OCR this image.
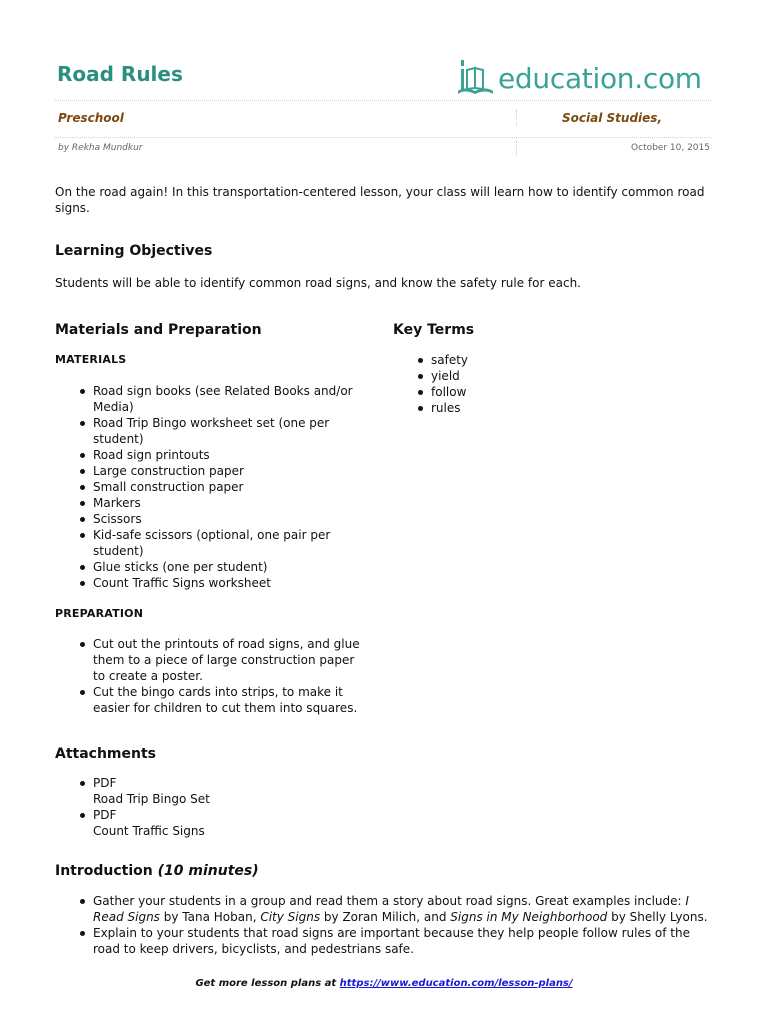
Road Rules	education.com
Preschool	Social Studies,
by Rekha Mundkur	October 10, 2015

On the road again! In this transportation-centered lesson, your class will learn how to identify common road signs.

Learning Objectives

Students will be able to identify common road signs, and know the safety rule for each.

Materials and Preparation
MATERIALS
Road sign books (see Related Books and/or Media)
Road Trip Bingo worksheet set (one per student)
Road sign printouts
Large construction paper
Small construction paper
Markers
Scissors
Kid-safe scissors (optional, one pair per student)
Glue sticks (one per student)
Count Traffic Signs worksheet
PREPARATION
Cut out the printouts of road signs, and glue them to a piece of large construction paper to create a poster.
Cut the bingo cards into strips, to make it easier for children to cut them into squares.
Key Terms
safety
yield
follow
rules
Attachments
PDF
Road Trip Bingo Set
PDF
Count Traffic Signs
Introduction (10 minutes)
Gather your students in a group and read them a story about road signs. Great examples include: I Read Signs by Tana Hoban, City Signs by Zoran Milich, and Signs in My Neighborhood by Shelly Lyons.
Explain to your students that road signs are important because they help people follow rules of the road to keep drivers, bicyclists, and pedestrians safe.
Get more lesson plans at https://www.education.com/lesson-plans/
